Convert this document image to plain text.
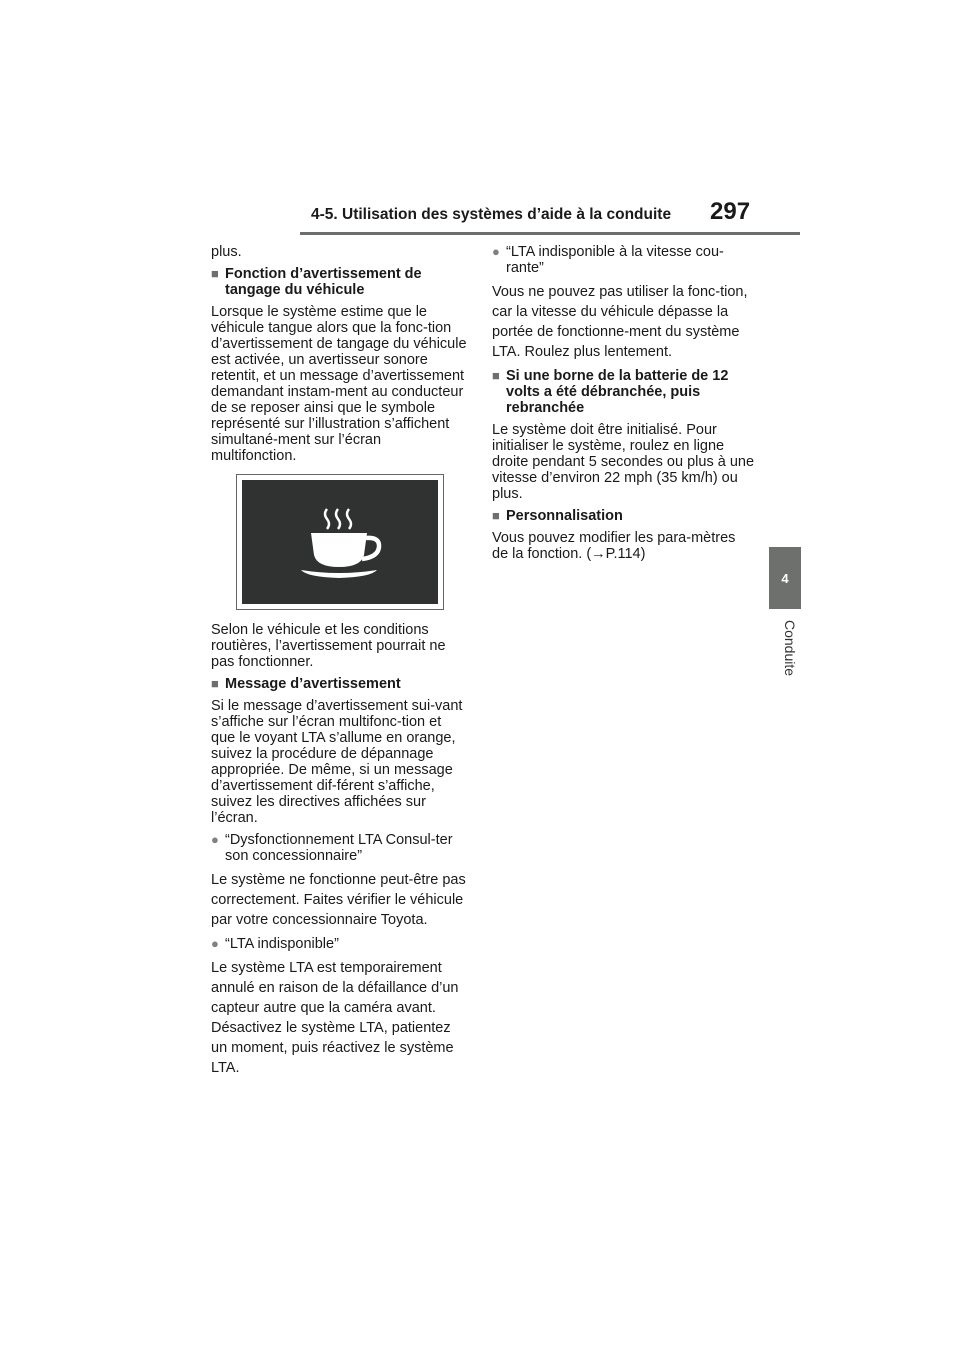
4-5. Utilisation des systèmes d’aide à la conduite	297
4
Conduite

plus.

■ Fonction d’avertissement de tangage du véhicule

Lorsque le système estime que le véhicule tangue alors que la fonc-tion d’avertissement de tangage du véhicule est activée, un avertisseur sonore retentit, et un message d’avertissement demandant instam-ment au conducteur de se reposer ainsi que le symbole représenté sur l’illustration s’affichent simultané-ment sur l’écran multifonction.

Selon le véhicule et les conditions routières, l’avertissement pourrait ne pas fonctionner.

■ Message d’avertissement

Si le message d’avertissement sui-vant s’affiche sur l’écran multifonc-tion et que le voyant LTA s’allume en orange, suivez la procédure de dépannage appropriée. De même, si un message d’avertissement dif-férent s’affiche, suivez les directives affichées sur l’écran.

● “Dysfonctionnement LTA Consul-ter son concessionnaire”

Le système ne fonctionne peut-être pas correctement. Faites vérifier le véhicule par votre concessionnaire Toyota.

● “LTA indisponible”

Le système LTA est temporairement annulé en raison de la défaillance d’un capteur autre que la caméra avant. Désactivez le système LTA, patientez un moment, puis réactivez le système LTA.

● “LTA indisponible à la vitesse cou-rante”

Vous ne pouvez pas utiliser la fonc-tion, car la vitesse du véhicule dépasse la portée de fonctionne-ment du système LTA. Roulez plus lentement.

■ Si une borne de la batterie de 12 volts a été débranchée, puis rebranchée

Le système doit être initialisé. Pour initialiser le système, roulez en ligne droite pendant 5 secondes ou plus à une vitesse d’environ 22 mph (35 km/h) ou plus.

■ Personnalisation

Vous pouvez modifier les para-mètres de la fonction. (→P.114)
